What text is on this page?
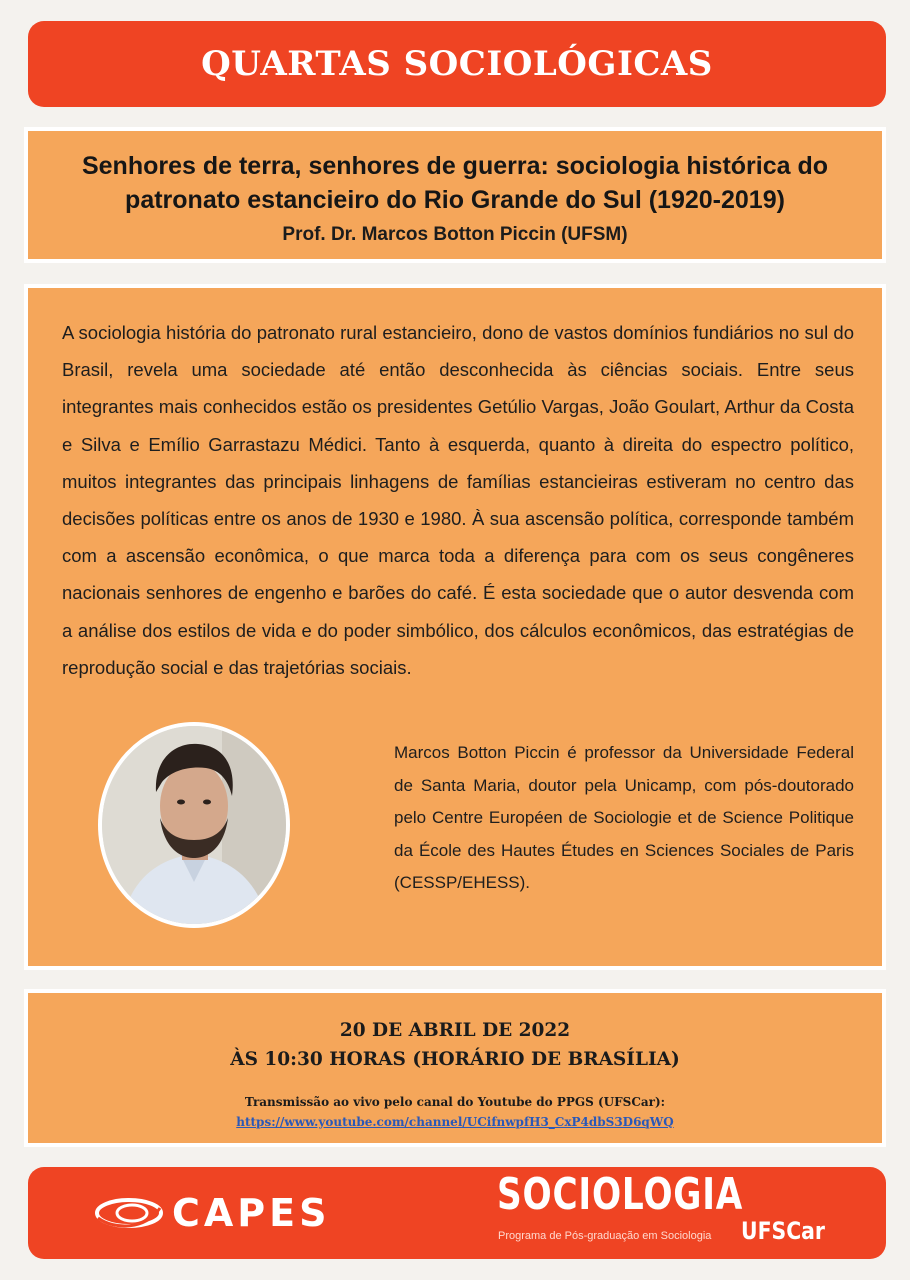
QUARTAS SOCIOLÓGICAS
Senhores de terra, senhores de guerra: sociologia histórica do
patronato estancieiro do Rio Grande do Sul (1920-2019)
Prof. Dr. Marcos Botton Piccin (UFSM)
A sociologia história do patronato rural estancieiro, dono de vastos domínios fundiários no sul do Brasil, revela uma sociedade até então desconhecida às ciências sociais. Entre seus integrantes mais conhecidos estão os presidentes Getúlio Vargas, João Goulart, Arthur da Costa e Silva e Emílio Garrastazu Médici. Tanto à esquerda, quanto à direita do espectro político, muitos integrantes das principais linhagens de famílias estancieiras estiveram no centro das decisões políticas entre os anos de 1930 e 1980. À sua ascensão política, corresponde também com a ascensão econômica, o que marca toda a diferença para com os seus congêneres nacionais senhores de engenho e barões do café. É esta sociedade que o autor desvenda com a análise dos estilos de vida e do poder simbólico, dos cálculos econômicos, das estratégias de reprodução social e das trajetórias sociais.
Marcos Botton Piccin é professor da Universidade Federal de Santa Maria, doutor pela Unicamp, com pós-doutorado pelo Centre Européen de Sociologie et de Science Politique da École des Hautes Études en Sciences Sociales de Paris (CESSP/EHESS).
20 DE ABRIL DE 2022
ÀS 10:30 HORAS (HORÁRIO DE BRASÍLIA)
Transmissão ao vivo pelo canal do Youtube do PPGS (UFSCar):
https://www.youtube.com/channel/UCifnwpfH3_CxP4dbS3D6qWQ
CAPES	SOCIOLOGIA
Programa de Pós-graduação em Sociologia UFSCar
